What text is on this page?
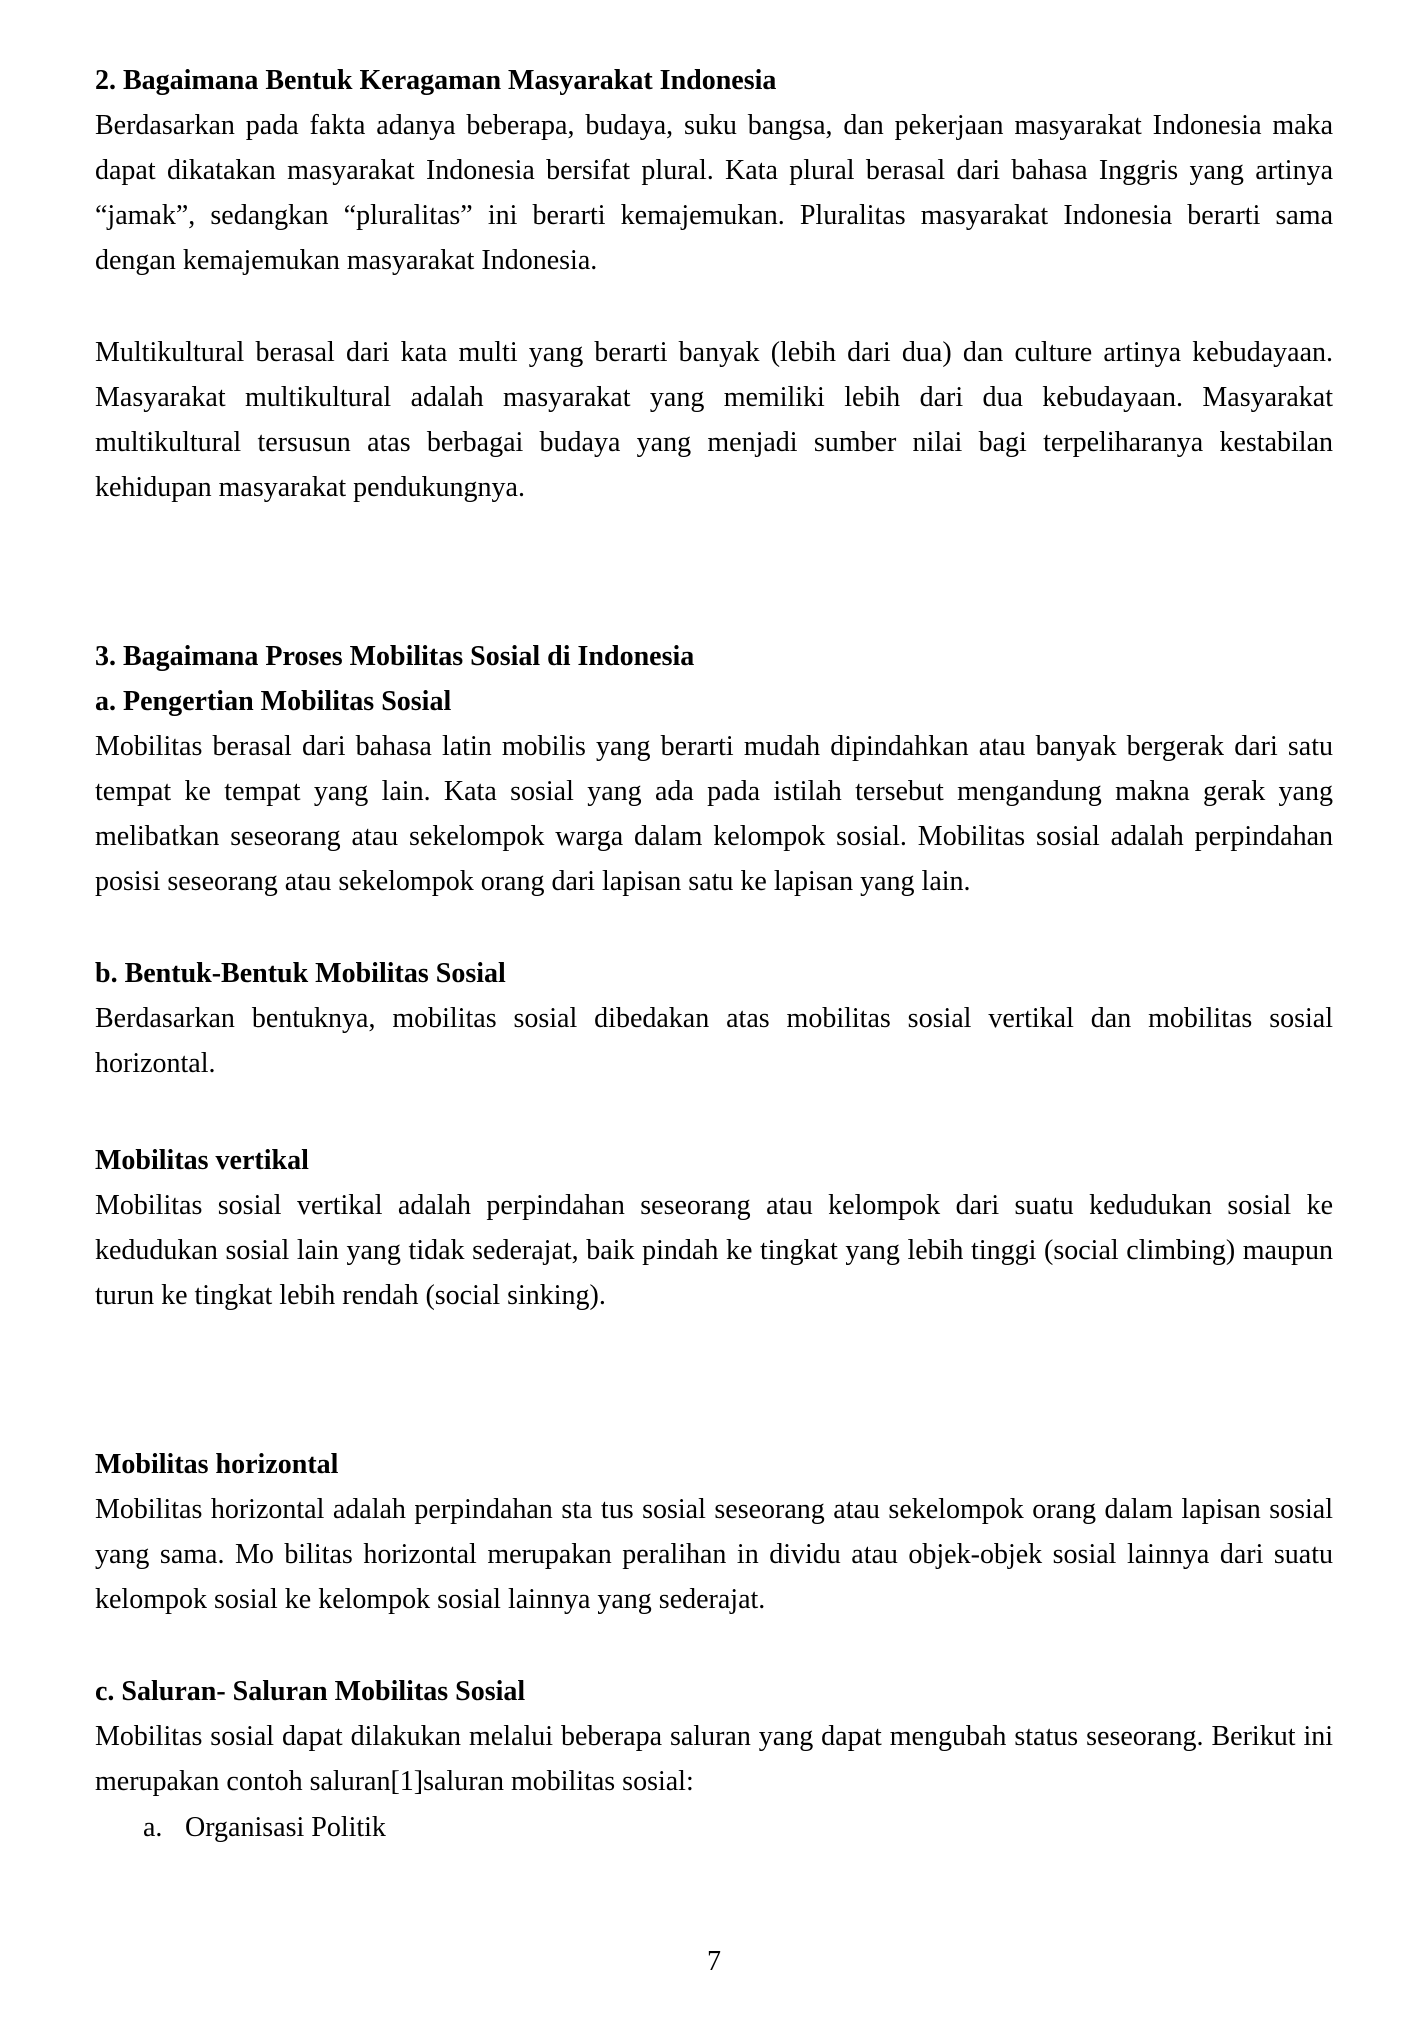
2. Bagaimana Bentuk Keragaman Masyarakat Indonesia

Berdasarkan pada fakta adanya beberapa, budaya, suku bangsa, dan pekerjaan masyarakat Indonesia maka dapat dikatakan masyarakat Indonesia bersifat plural. Kata plural berasal dari bahasa Inggris yang artinya “jamak”, sedangkan “pluralitas” ini berarti kemajemukan. Pluralitas masyarakat Indonesia berarti sama dengan kemajemukan masyarakat Indonesia.

Multikultural berasal dari kata multi yang berarti banyak (lebih dari dua) dan culture artinya kebudayaan. Masyarakat multikultural adalah masyarakat yang memiliki lebih dari dua kebudayaan. Masyarakat multikultural tersusun atas berbagai budaya yang menjadi sumber nilai bagi terpeliharanya kestabilan kehidupan masyarakat pendukungnya.

3. Bagaimana Proses Mobilitas Sosial di Indonesia
a. Pengertian Mobilitas Sosial

Mobilitas berasal dari bahasa latin mobilis yang berarti mudah dipindahkan atau banyak bergerak dari satu tempat ke tempat yang lain. Kata sosial yang ada pada istilah tersebut mengandung makna gerak yang melibatkan seseorang atau sekelompok warga dalam kelompok sosial. Mobilitas sosial adalah perpindahan posisi seseorang atau sekelompok orang dari lapisan satu ke lapisan yang lain.

b. Bentuk-Bentuk Mobilitas Sosial

Berdasarkan bentuknya, mobilitas sosial dibedakan atas mobilitas sosial vertikal dan mobilitas sosial horizontal.

Mobilitas vertikal

Mobilitas sosial vertikal adalah perpindahan seseorang atau kelompok dari suatu kedudukan sosial ke kedudukan sosial lain yang tidak sederajat, baik pindah ke tingkat yang lebih tinggi (social climbing) maupun turun ke tingkat lebih rendah (social sinking).

Mobilitas horizontal

Mobilitas horizontal adalah perpindahan sta tus sosial seseorang atau sekelompok orang dalam lapisan sosial yang sama. Mo bilitas horizontal merupakan peralihan in dividu atau objek-objek sosial lainnya dari suatu kelompok sosial ke kelompok sosial lainnya yang sederajat.

c. Saluran- Saluran Mobilitas Sosial

Mobilitas sosial dapat dilakukan melalui beberapa saluran yang dapat mengubah status seseorang. Berikut ini merupakan contoh saluran[1]saluran mobilitas sosial:

a. Organisasi Politik
7
